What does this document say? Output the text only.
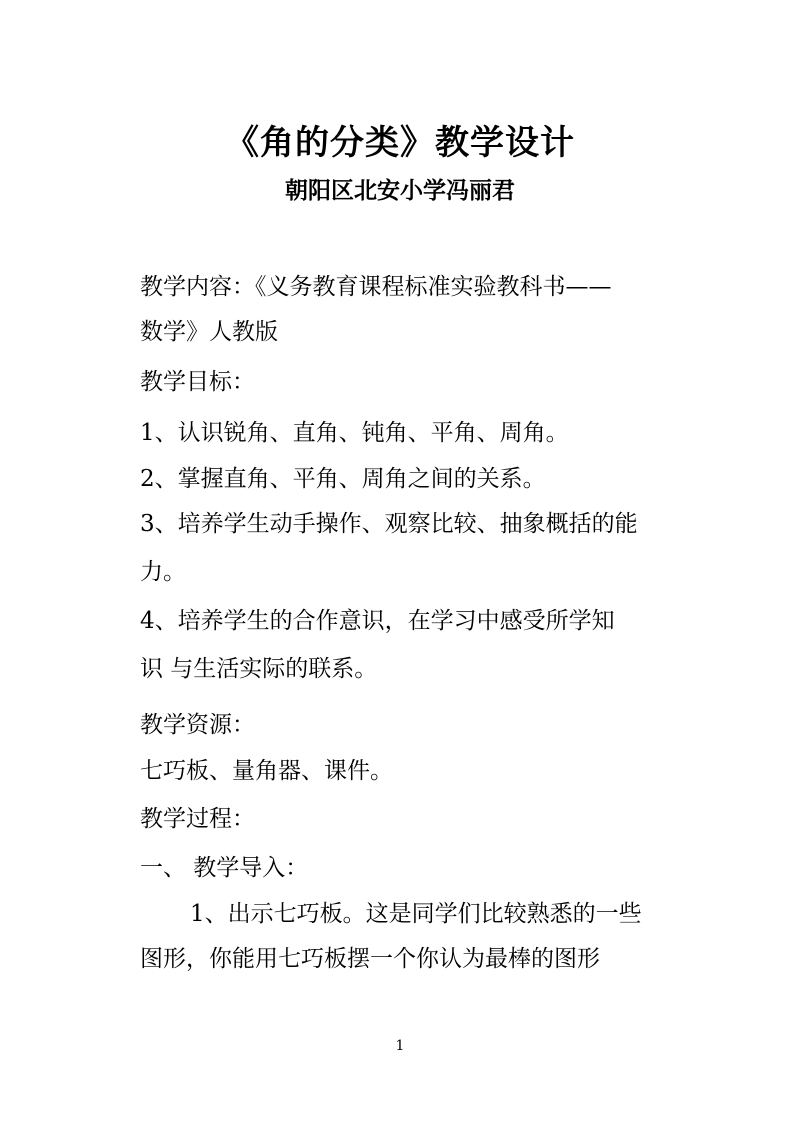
《角的分类》教学设计
朝阳区北安小学冯丽君
教学内容：《义务教育课程标准实验教科书——
数学》人教版
教学目标：
1、认识锐角、直角、钝角、平角、周角。
2、掌握直角、平角、周角之间的关系。
3、培养学生动手操作、观察比较、抽象概括的能
力。
4、培养学生的合作意识，在学习中感受所学知
识 与生活实际的联系。
教学资源：
七巧板、量角器、课件。
教学过程：
一、 教学导入：
1、出示七巧板。这是同学们比较熟悉的一些
图形，你能用七巧板摆一个你认为最棒的图形
1
